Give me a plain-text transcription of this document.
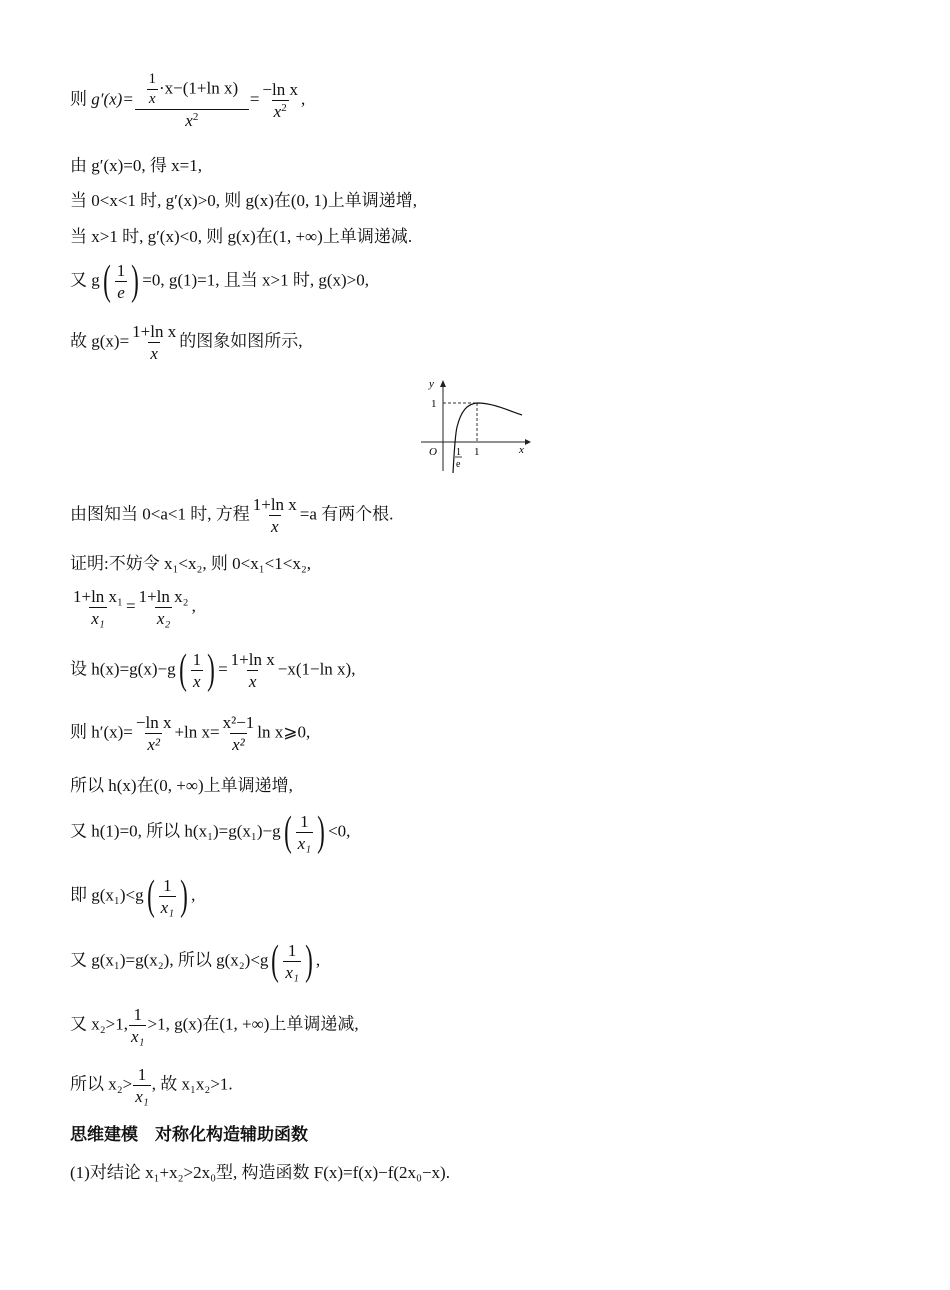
则 $g'(x)= \frac{\frac{1}{x} \cdot x-(1+\ln x)}{x^2} = \frac{\text{−ln x}}{x^2}$ ,
由 g′(x)=0, 得 x=1,
当 0<x<1 时, g′(x)>0, 则 g(x)在(0, 1)上单调递增,
当 x>1 时, g′(x)<0, 则 g(x)在(1, +∞)上单调递减.
又 g ( $\frac{1}{e}$ ) =0, g(1)=1, 且当 x>1 时, g(x)>0,
故 $g(x)= \frac{\text{1+ln x}}{x}$ 的图象如图所示,
y
x
O
1
1
1
e
由图知当 0<a<1 时, 方程 $\frac{\text{1+ln x}}{x} =a$ 有两个根.
证明:不妨令 x₁<x₂, 则 0<x₁<1<x₂,
$\frac{\text{1+ln x₁}}{\text{x₁}} = \frac{\text{1+ln x₂}}{\text{x₂}}$ ,
设 h(x)=g(x)−g ( $\frac{1}{x}$ ) = $\frac{\text{1+ln x}}{x} -x(1-\ln$ x),
则 $h'(x)= \frac{\text{−ln x}}{\text{x²}} +\ln$ $x= \frac{\text{x²−1}}{\text{x²}}$ ln x⩾0,
所以 h(x)在(0, +∞)上单调递增,
又 h(1)=0, 所以 h(x₁)=g(x₁)−g ( $\frac{1}{\text{x₁}}$ ) <0,
即 g(x₁)<g ( $\frac{1}{\text{x₁}}$ ) ,
又 g(x₁)=g(x₂), 所以 g(x₂)<g ( $\frac{1}{\text{x₁}}$ ) ,
又 x₂>1, $\frac{1}{\text{x₁}} >1$, g(x)在(1, +∞)上单调递减,
所以 $x_2> \frac{1}{\text{x₁}}$ , 故 x₁x₂>1.
思维建模　对称化构造辅助函数
(1)对结论 x₁+x₂>2x₀型, 构造函数 F(x)=f(x)−f(2x₀−x).
